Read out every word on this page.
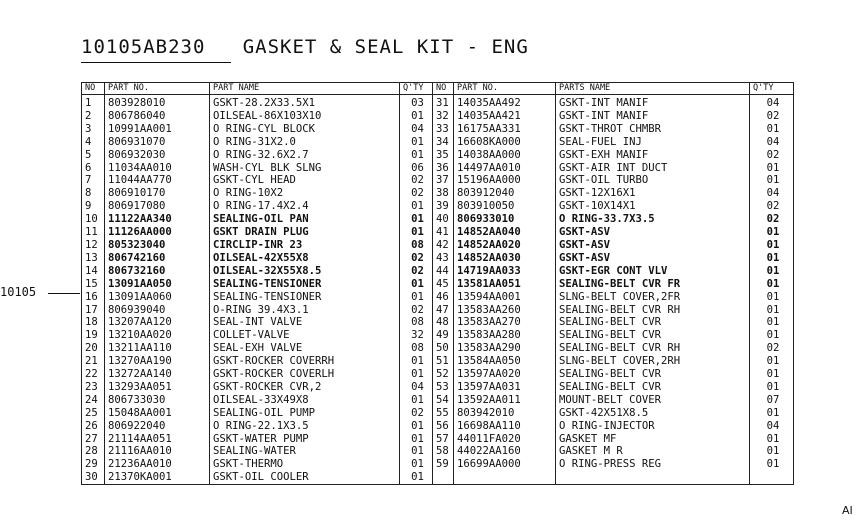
10105AB230   GASKET & SEAL KIT - ENG
10105
NO	PART NO.	PART NAME	Q'TY	NO	PART NO.	PARTS NAME	Q'TY
1	803928010	GSKT-28.2X33.5X1	03	31	14035AA492	GSKT-INT MANIF	04
2	806786040	OILSEAL-86X103X10	01	32	14035AA421	GSKT-INT MANIF	02
3	10991AA001	O RING-CYL BLOCK	04	33	16175AA331	GSKT-THROT CHMBR	01
4	806931070	O RING-31X2.0	01	34	16608KA000	SEAL-FUEL INJ	04
5	806932030	O RING-32.6X2.7	01	35	14038AA000	GSKT-EXH MANIF	02
6	11034AA010	WASH-CYL BLK SLNG	06	36	14497AA010	GSKT-AIR INT DUCT	01
7	11044AA770	GSKT-CYL HEAD	02	37	15196AA000	GSKT-OIL TURBO	01
8	806910170	O RING-10X2	02	38	803912040	GSKT-12X16X1	04
9	806917080	O RING-17.4X2.4	01	39	803910050	GSKT-10X14X1	02
10	11122AA340	SEALING-OIL PAN	01	40	806933010	O RING-33.7X3.5	02
11	11126AA000	GSKT DRAIN PLUG	01	41	14852AA040	GSKT-ASV	01
12	805323040	CIRCLIP-INR 23	08	42	14852AA020	GSKT-ASV	01
13	806742160	OILSEAL-42X55X8	02	43	14852AA030	GSKT-ASV	01
14	806732160	OILSEAL-32X55X8.5	02	44	14719AA033	GSKT-EGR CONT VLV	01
15	13091AA050	SEALING-TENSIONER	01	45	13581AA051	SEALING-BELT CVR FR	01
16	13091AA060	SEALING-TENSIONER	01	46	13594AA001	SLNG-BELT COVER,2FR	01
17	806939040	O-RING 39.4X3.1	02	47	13583AA260	SEALING-BELT CVR RH	01
18	13207AA120	SEAL-INT VALVE	08	48	13583AA270	SEALING-BELT CVR	01
19	13210AA020	COLLET-VALVE	32	49	13583AA280	SEALING-BELT CVR	01
20	13211AA110	SEAL-EXH VALVE	08	50	13583AA290	SEALING-BELT CVR RH	02
21	13270AA190	GSKT-ROCKER COVERRH	01	51	13584AA050	SLNG-BELT COVER,2RH	01
22	13272AA140	GSKT-ROCKER COVERLH	01	52	13597AA020	SEALING-BELT CVR	01
23	13293AA051	GSKT-ROCKER CVR,2	04	53	13597AA031	SEALING-BELT CVR	01
24	806733030	OILSEAL-33X49X8	01	54	13592AA011	MOUNT-BELT COVER	07
25	15048AA001	SEALING-OIL PUMP	02	55	803942010	GSKT-42X51X8.5	01
26	806922040	O RING-22.1X3.5	01	56	16698AA110	O RING-INJECTOR	04
27	21114AA051	GSKT-WATER PUMP	01	57	44011FA020	GASKET MF	01
28	21116AA010	SEALING-WATER	01	58	44022AA160	GASKET M R	01
29	21236AA010	GSKT-THERMO	01	59	16699AA000	O RING-PRESS REG	01
30	21370KA001	GSKT-OIL COOLER	01				
AI
